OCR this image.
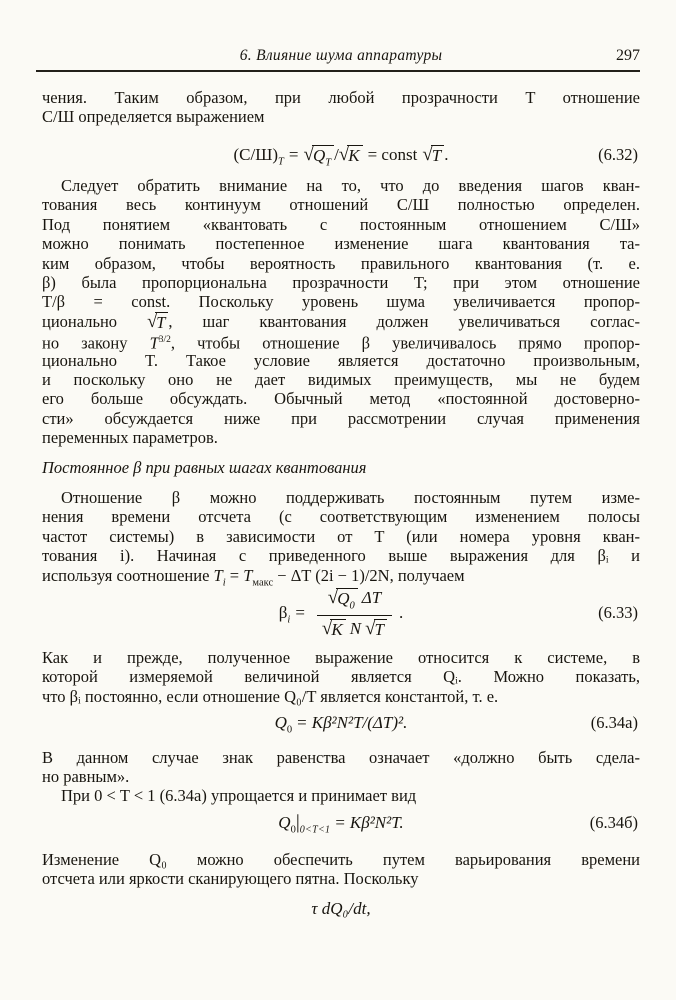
6. Влияние шума аппаратуры	297
чения. Таким образом, при любой прозрачности T отношение
С/Ш определяется выражением
$(С/Ш)_T$ = √ $Q_T$ / √ K = const √ T .	(6.32)
Следует обратить внимание на то, что до введения шагов кван-
тования весь континуум отношений С/Ш полностью определен.
Под понятием «квантовать с постоянным отношением С/Ш»
можно понимать постепенное изменение шага квантования та-
ким образом, чтобы вероятность правильного квантования (т. е.
β) была пропорциональна прозрачности T; при этом отношение
T/β = const. Поскольку уровень шума увеличивается пропор-
ционально √ T , шаг квантования должен увеличиваться соглас-
но закону $T^{3/2}$, чтобы отношение β увеличивалось прямо пропор-
ционально T. Такое условие является достаточно произвольным,
и поскольку оно не дает видимых преимуществ, мы не будем
его больше обсуждать. Обычный метод «постоянной достоверно-
сти» обсуждается ниже при рассмотрении случая применения
переменных параметров.
Постоянное β при равных шагах квантования
Отношение β можно поддерживать постоянным путем изме-
нения времени отсчета (с соответствующим изменением полосы
частот системы) в зависимости от T (или номера уровня кван-
тования i). Начиная с приведенного выше выражения для βᵢ и
используя соотношение $T_i = T_{макс} - \Delta T$ (2i − 1)/2N, получаем
$\beta_i = \frac{√ Q_0 \Delta T}{\text{√ K N √ T}}$ .	(6.33)
Как и прежде, полученное выражение относится к системе, в
которой измеряемой величиной является Qᵢ. Можно показать,
что βᵢ постоянно, если отношение Q₀/T является константой, т. е.
$Q_0 = K\beta^2N^2T/(\Delta T)^2$.	(6.34а)
В данном случае знак равенства означает «должно быть сдела-
но равным».
При 0 < T < 1 (6.34а) упрощается и принимает вид
$Q_0|_{0<T<1} = K\beta^2N^2T$.	(6.34б)
Изменение Q₀ можно обеспечить путем варьирования времени
отсчета или яркости сканирующего пятна. Поскольку
τ dQ₀/dt,
